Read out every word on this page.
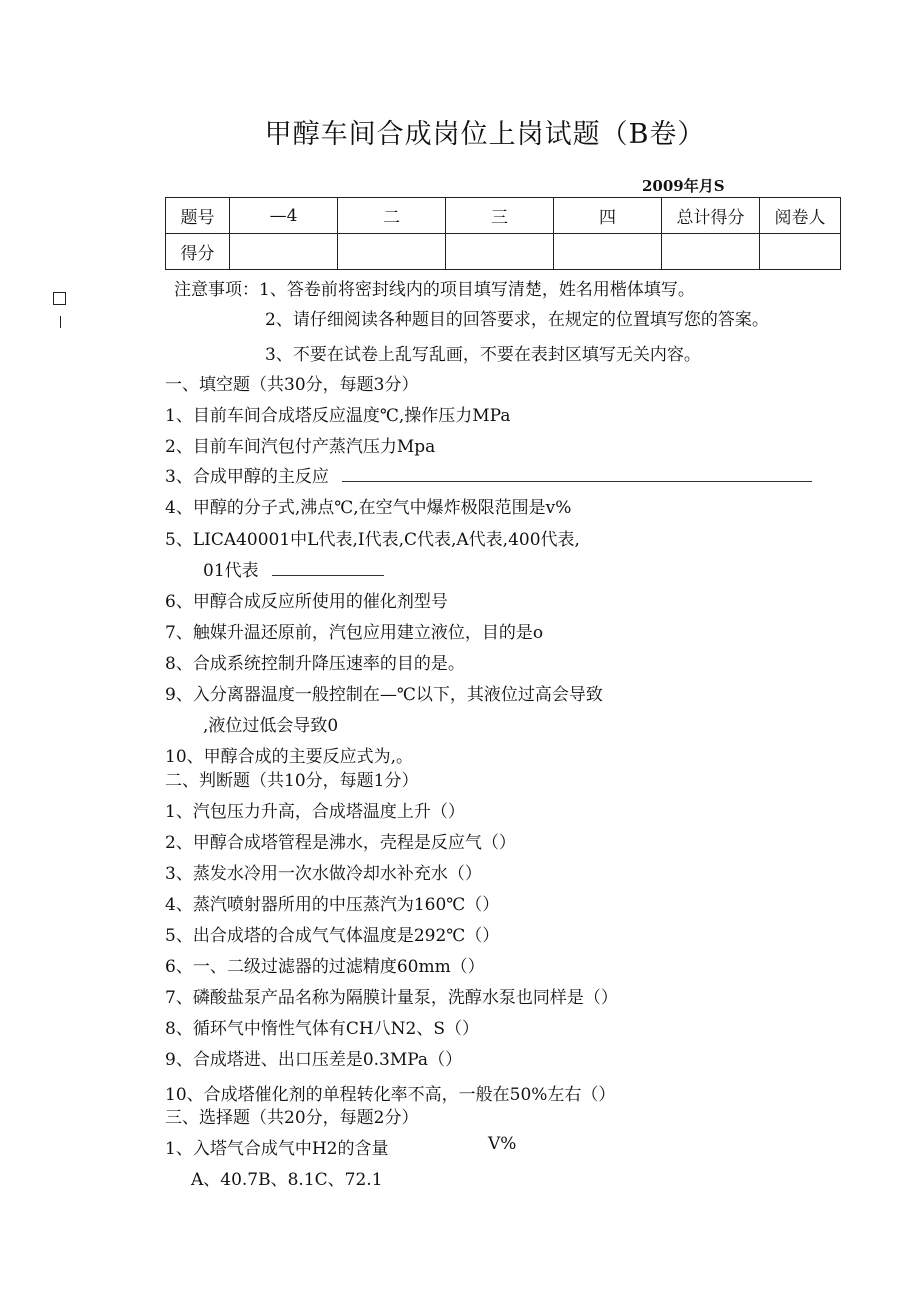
甲醇车间合成岗位上岗试题（B卷）
2009年月S
题号	—4	二	三	四	总计得分	阅卷人
得分						
注意事项：1、答卷前将密封线内的项目填写清楚，姓名用楷体填写。
2、请仔细阅读各种题目的回答要求，在规定的位置填写您的答案。
3、不要在试卷上乱写乱画，不要在表封区填写无关内容。
一、填空题（共30分，每题3分）
1、目前车间合成塔反应温度℃,操作压力MPa
2、目前车间汽包付产蒸汽压力Mpa
3、合成甲醇的主反应
4、甲醇的分子式,沸点℃,在空气中爆炸极限范围是v%
5、LICA40001中L代表,I代表,C代表,A代表,400代表,
01代表
6、甲醇合成反应所使用的催化剂型号
7、触媒升温还原前，汽包应用建立液位，目的是o
8、合成系统控制升降压速率的目的是。
9、入分离器温度一般控制在—℃以下，其液位过高会导致
,液位过低会导致0
10、甲醇合成的主要反应式为,。
二、判断题（共10分，每题1分）
1、汽包压力升高，合成塔温度上升（）
2、甲醇合成塔管程是沸水，壳程是反应气（）
3、蒸发水冷用一次水做冷却水补充水（）
4、蒸汽喷射器所用的中压蒸汽为160℃（）
5、出合成塔的合成气气体温度是292℃（）
6、一、二级过滤器的过滤精度60mm（）
7、磷酸盐泵产品名称为隔膜计量泵，洗醇水泵也同样是（）
8、循环气中惰性气体有CH八N2、S（）
9、合成塔进、出口压差是0.3MPa（）
10、合成塔催化剂的单程转化率不高，一般在50%左右（）
三、选择题（共20分，每题2分）
1、入塔气合成气中H2的含量	V%
A、40.7B、8.1C、72.1
